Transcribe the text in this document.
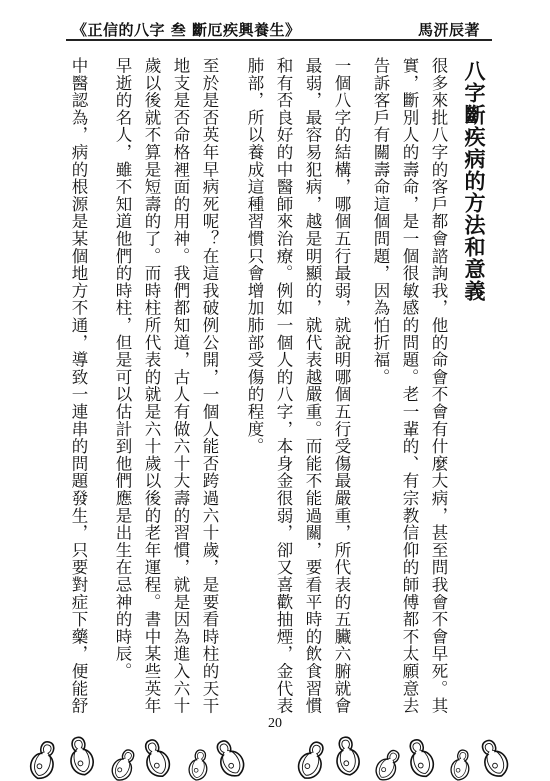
《正信的八字 叁 斷厄疾興養生》	馬汧辰著
八字斷疾病的方法和意義
很多來批八字的客戶都會諮詢我，他的命會不會有什麼大病，甚至問我會不會早死。其
實，斷別人的壽命，是一個很敏感的問題。老一輩的、有宗教信仰的師傅都不太願意去
告訴客戶有關壽命這個問題，因為怕折福。
一個八字的結構，哪個五行最弱，就說明哪個五行受傷最嚴重，所代表的五臟六腑就會
最弱，最容易犯病，越是明顯的，就代表越嚴重。而能不能過關，要看平時的飲食習慣
和有否良好的中醫師來治療。例如一個人的八字，本身金很弱，卻又喜歡抽煙，金代表
肺部，所以養成這種習慣只會增加肺部受傷的程度。
至於是否英年早病死呢？在這我破例公開，一個人能否跨過六十歲，是要看時柱的天干
地支是否命格裡面的用神。我們都知道，古人有做六十大壽的習慣，就是因為進入六十
歲以後就不算是短壽的了。而時柱所代表的就是六十歲以後的老年運程。書中某些英年
早逝的名人，雖不知道他們的時柱，但是可以估計到他們應是出生在忌神的時辰。
中醫認為，病的根源是某個地方不通，導致一連串的問題發生，只要對症下藥，便能舒
20
